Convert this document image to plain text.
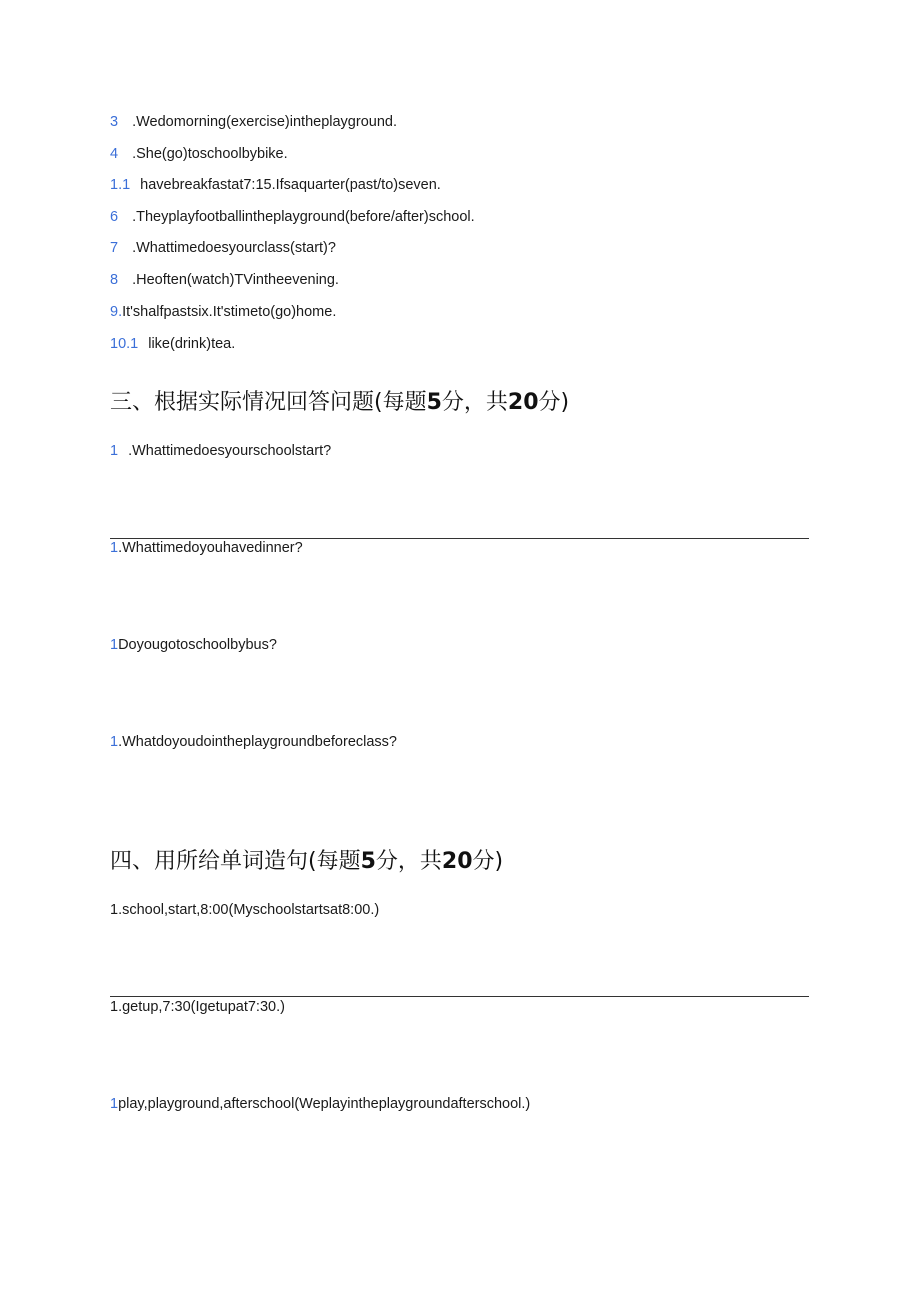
3 .Wedomorning(exercise)intheplayground.
4 .She(go)toschoolbybike.
1.1 havebreakfastat7:15.Ifsaquarter(past/to)seven.
6 .Theyplayfootballintheplayground(before/after)school.
7 .Whattimedoesyourclass(start)?
8 .Heoften(watch)TVintheevening.
9.It'shalfpastsix.It'stimeto(go)home.
10.1 like(drink)tea.
三、根据实际情况回答问题(每题5分，共20分)
1 .Whattimedoesyourschoolstart?
1.Whattimedoyouhavedinner?
1Doyougotoschoolbybus?
1.Whatdoyoudointheplaygroundbeforeclass?
四、用所给单词造句(每题5分，共20分)
1.school,start,8:00(Myschoolstartsat8:00.)
1.getup,7:30(Igetupat7:30.)
1play,playground,afterschool(Weplayintheplaygroundafterschool.)
